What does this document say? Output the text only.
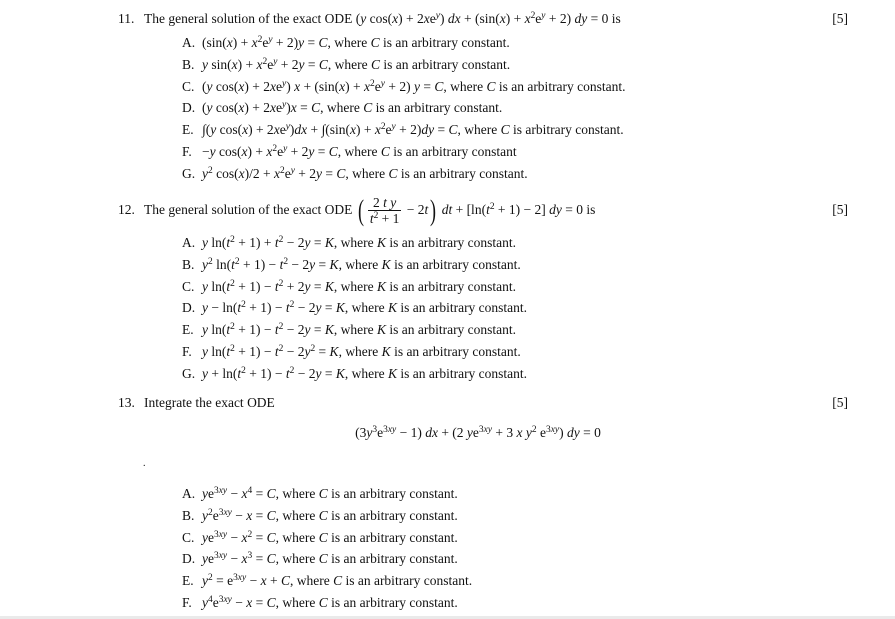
11. The general solution of the exact ODE (y $\cos(x) + 2xe^y$) dx + $(\sin(x) + x^2e^y + 2)$ dy = 0 is	[5]
A. $(\sin(x) + x^2e^y + 2)y = C$, where C is an arbitrary constant.
B. y $\sin(x) + x^2e^y + 2y = C$, where C is an arbitrary constant.
C. (y $\cos(x) + 2xe^y$) $x + (\sin(x) + x^2e^y + 2)$ y = C, where C is an arbitrary constant.
D. (y $\cos(x) + 2xe^y)x = C$, where C is an arbitrary constant.
E. ∫(y $\cos(x) + 2xe^y)dx + \int(\sin(x) + x^2e^y + 2)dy = C$, where C is arbitrary constant.
F. −y $\cos(x) + x^2e^y + 2y = C$, where C is an arbitrary constant
G. $y^2$ $\cos(x)/2 + x^2e^y + 2y = C$, where C is an arbitrary constant.
12. The general solution of the exact ODE ( $\frac{\text{2 t y}}{t^2 + 1} - 2t$) dt + $[\ln(t^2 + 1) - 2]$ dy = 0 is	[5]
A. y $\ln(t^2 + 1) + t^2 - 2y = K$, where K is an arbitrary constant.
B. $y^2$ $\ln(t^2 + 1) - t^2 - 2y = K$, where K is an arbitrary constant.
C. y $\ln(t^2 + 1) - t^2 + 2y = K$, where K is an arbitrary constant.
D. $y - \ln(t^2 + 1) - t^2 - 2y = K$, where K is an arbitrary constant.
E. y $\ln(t^2 + 1) - t^2 - 2y = K$, where K is an arbitrary constant.
F. y $\ln(t^2 + 1) - t^2 - 2y^2 = K$, where K is an arbitrary constant.
G. $y + \ln(t^2 + 1) - t^2 - 2y = K$, where K is an arbitrary constant.
13. Integrate the exact ODE	[5]
$(3y^3e^{3xy} - 1)$ dx + (2 $ye^{3xy} + 3$ x $y^2$ $e^{3xy}$) dy = 0
A. $ye^{3xy} - x^4 = C$, where C is an arbitrary constant.
B. $y^2e^{3xy} - x = C$, where C is an arbitrary constant.
C. $ye^{3xy} - x^2 = C$, where C is an arbitrary constant.
D. $ye^{3xy} - x^3 = C$, where C is an arbitrary constant.
E. $y^2 = e^{3xy} - x + C$, where C is an arbitrary constant.
F. $y^4e^{3xy} - x = C$, where C is an arbitrary constant.
.
